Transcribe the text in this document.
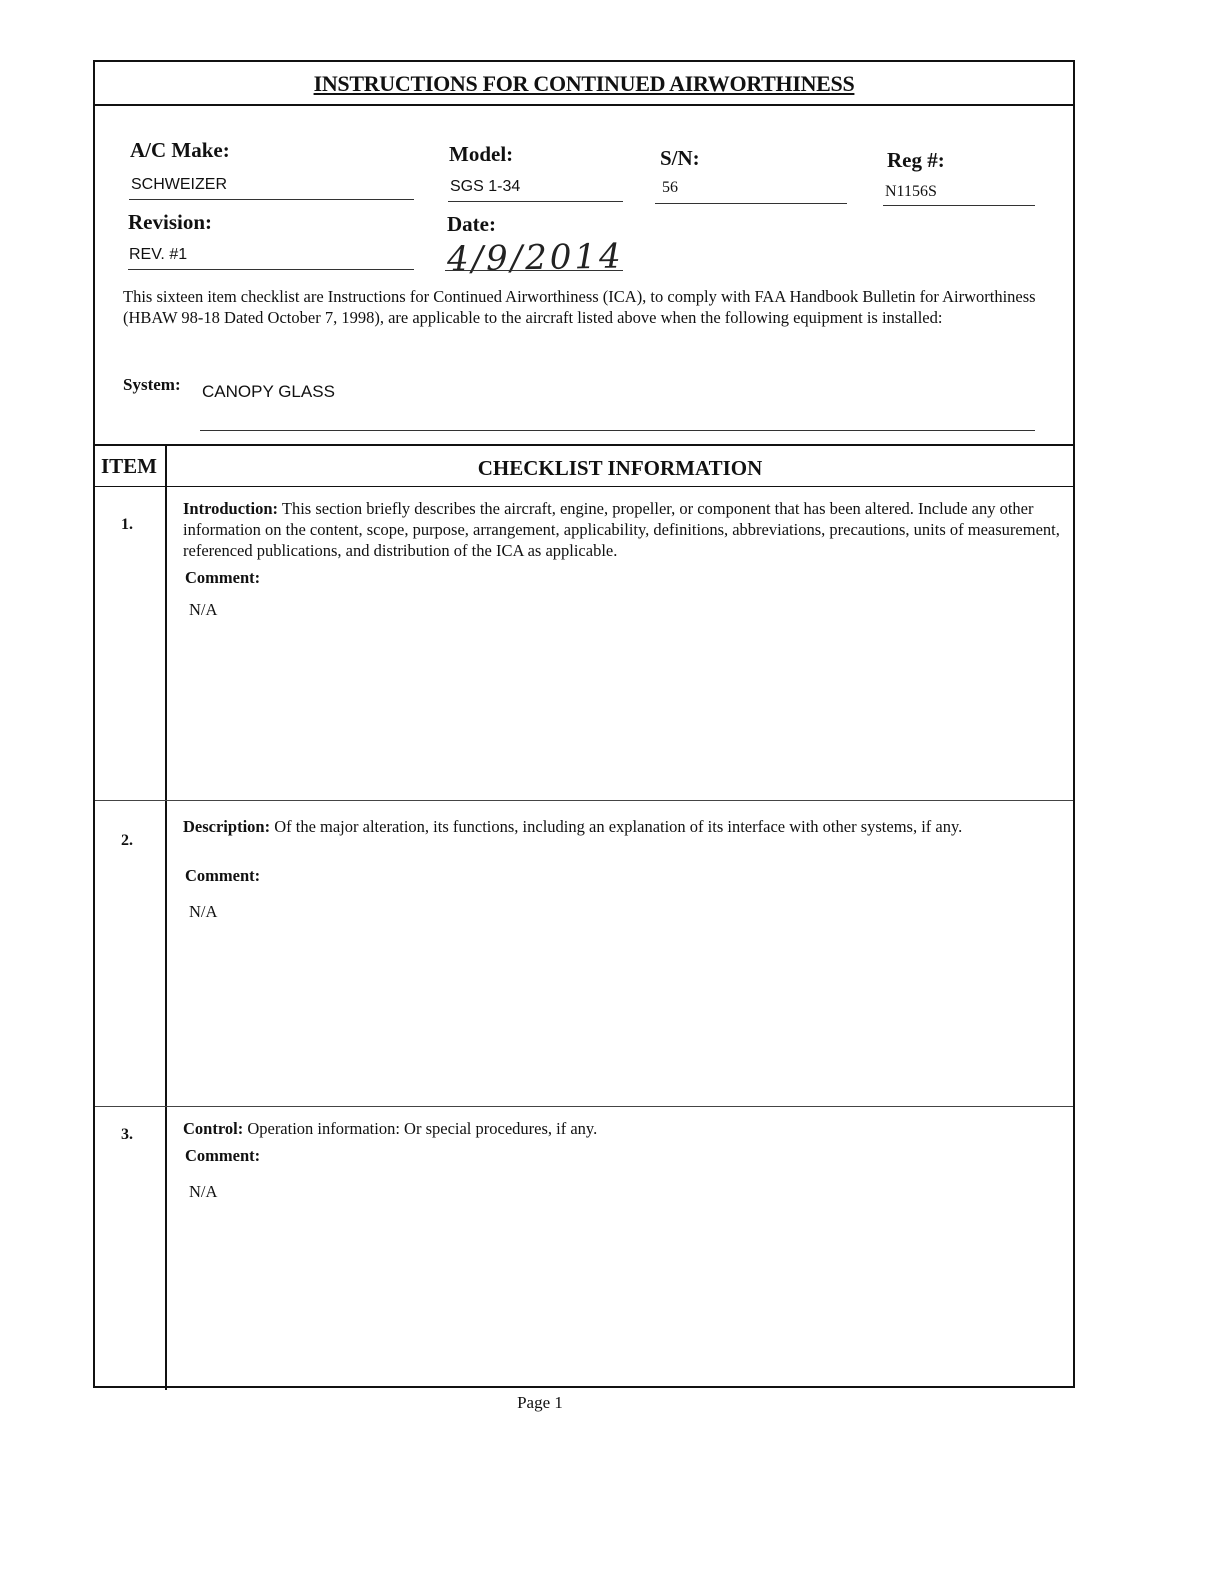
INSTRUCTIONS FOR CONTINUED AIRWORTHINESS
A/C Make:
SCHWEIZER
Model:
SGS 1-34
S/N:
56
Reg #:
N1156S
Revision:
REV. #1
Date:
4/9/2014
This sixteen item checklist are Instructions for Continued Airworthiness (ICA), to comply with FAA Handbook Bulletin for Airworthiness (HBAW 98-18 Dated October 7, 1998), are applicable to the aircraft listed above when the following equipment is installed:
System: CANOPY GLASS
ITEM	CHECKLIST INFORMATION
1.
Introduction: This section briefly describes the aircraft, engine, propeller, or component that has been altered. Include any other information on the content, scope, purpose, arrangement, applicability, definitions, abbreviations, precautions, units of measurement, referenced publications, and distribution of the ICA as applicable.
Comment:
N/A
2.
Description: Of the major alteration, its functions, including an explanation of its interface with other systems, if any.
Comment:
N/A
3.	Control: Operation information: Or special procedures, if any.
Comment:
N/A
Page 1
